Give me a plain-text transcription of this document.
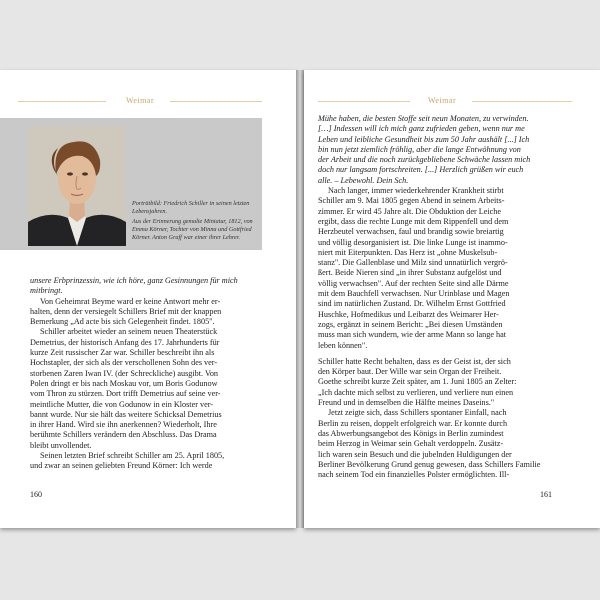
Weimar

Porträtbild: Friedrich Schiller in seinen letzten Lebensjahren.

Aus der Erinnerung gemalte Miniatur, 1812, von Emma Körner, Tochter von Minna und Gottfried Körner. Anton Graff war einer ihrer Lehrer.

unsere Erbprinzessin, wie ich höre, ganz Gesinnungen für mich

mitbringt.

Von Geheimrat Beyme ward er keine Antwort mehr er-

halten, denn der versiegelt Schillers Brief mit der knappen

Bemerkung „Ad acte bis sich Gelegenheit findet. 1805".

Schiller arbeitet wieder an seinem neuen Theaterstück

Demetrius, der historisch Anfang des 17. Jahrhunderts für

kurze Zeit russischer Zar war. Schiller beschreibt ihn als

Hochstapler, der sich als der verschollenen Sohn des ver-

storbenen Zaren Iwan IV. (der Schreckliche) ausgibt. Von

Polen dringt er bis nach Moskau vor, um Boris Godunow

vom Thron zu stürzen. Dort trifft Demetrius auf seine ver-

meintliche Mutter, die von Godunow in ein Kloster ver-

bannt wurde. Nur sie hält das weitere Schicksal Demetrius

in ihrer Hand. Wird sie ihn anerkennen? Wiederholt, Ihre

berühmte Schillers verändern den Abschluss. Das Drama

bleibt unvollendet.

Seinen letzten Brief schreibt Schiller am 25. April 1805,

und zwar an seinen geliebten Freund Körner: Ich werde

160
Weimar

Mühe haben, die besten Stoffe seit neun Monaten, zu verwinden.

[…] Indessen will ich mich ganz zufrieden geben, wenn nur me

Leben und leibliche Gesundheit bis zum 50 Jahr aushält [...] Ich

bin nun jetzt ziemlich fröhlig, aber die lange Entwöhnung von

der Arbeit und die noch zurückgebliebene Schwäche lassen mich

doch nur langsam fortschreiten. [...] Herzlich grüßen wir euch

alle. – Lebewohl. Dein Sch.

Nach langer, immer wiederkehrender Krankheit stirbt

Schiller am 9. Mai 1805 gegen Abend in seinem Arbeits-

zimmer. Er wird 45 Jahre alt. Die Obduktion der Leiche

ergibt, dass die rechte Lunge mit dem Rippenfell und dem

Herzbeutel verwachsen, faul und brandig sowie breiartig

und völlig desorganisiert ist. Die linke Lunge ist inammo-

niert mit Eiterpunkten. Das Herz ist „ohne Muskelsub-

stanz". Die Gallenblase und Milz sind unnatürlich vergrö-

ßert. Beide Nieren sind „in ihrer Substanz aufgelöst und

völlig verwachsen". Auf der rechten Seite sind alle Därme

mit dem Bauchfell verwachsen. Nur Urinblase und Magen

sind im natürlichen Zustand. Dr. Wilhelm Ernst Gottfried

Huschke, Hofmedikus und Leibarzt des Weimarer Her-

zogs, ergänzt in seinem Bericht: „Bei diesen Umständen

muss man sich wundern, wie der arme Mann so lange hat

leben können".

Schiller hatte Recht behalten, dass es der Geist ist, der sich

den Körper baut. Der Wille war sein Organ der Freiheit.

Goethe schreibt kurze Zeit später, am 1. Juni 1805 an Zelter:

„Ich dachte mich selbst zu verlieren, und verliere nun einen

Freund und in demselben die Hälfte meines Daseins."

Jetzt zeigte sich, dass Schillers spontaner Einfall, nach

Berlin zu reisen, doppelt erfolgreich war. Er konnte durch

das Abwerbungsangebot des Königs in Berlin zumindest

beim Herzog in Weimar sein Gehalt verdoppeln. Zusätz-

lich waren sein Besuch und die jubelnden Huldigungen der

Berliner Bevölkerung Grund genug gewesen, dass Schillers Familie

nach seinem Tod ein finanzielles Polster ermöglichten. Ill-

161
